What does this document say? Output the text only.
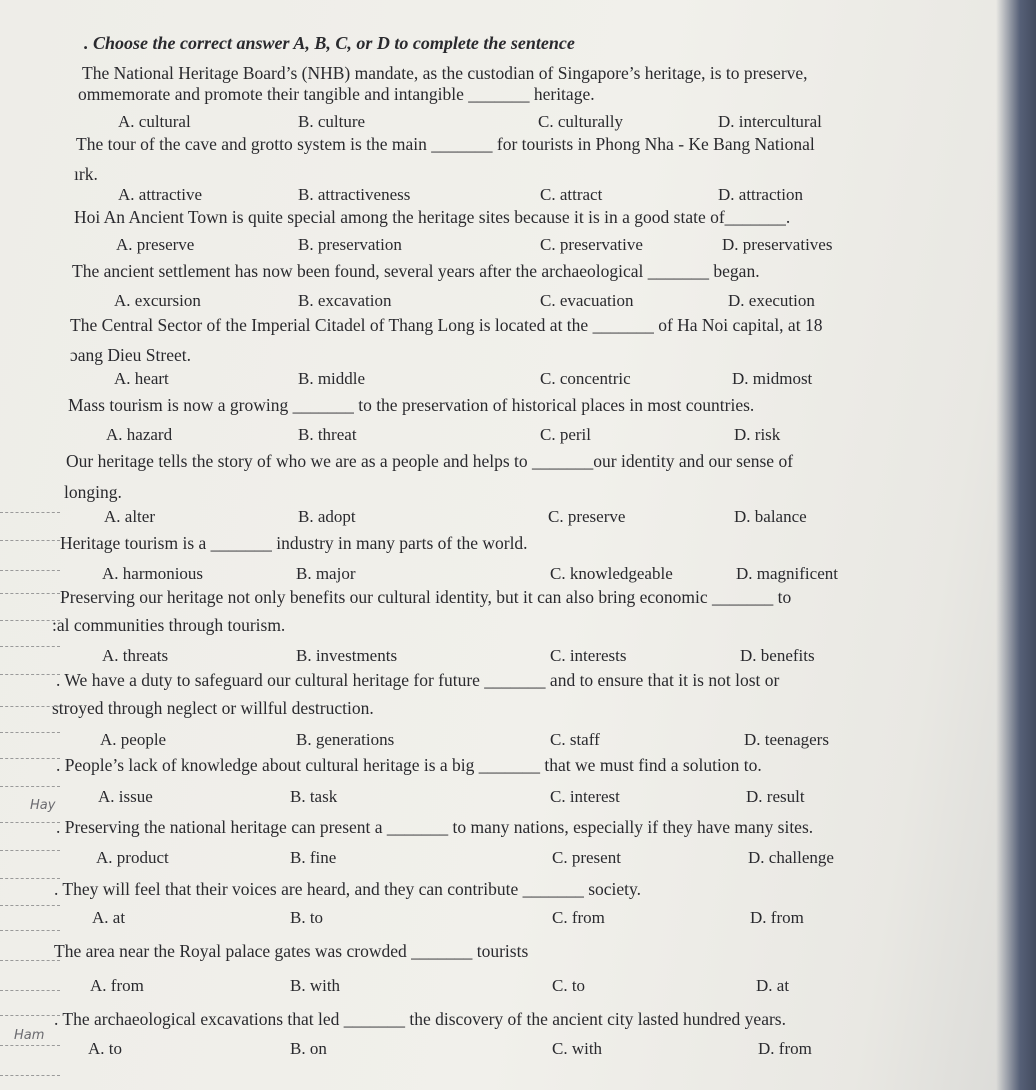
. Choose the correct answer A, B, C, or D to complete the sentence
The National Heritage Board’s (NHB) mandate, as the custodian of Singapore’s heritage, is to preserve,
ommemorate and promote their tangible and intangible _______ heritage.
A. cultural	B. culture	C. culturally	D. intercultural
The tour of the cave and grotto system is the main _______ for tourists in Phong Nha - Ke Bang National
ırk.
A. attractive	B. attractiveness	C. attract	D. attraction
Hoi An Ancient Town is quite special among the heritage sites because it is in a good state of_______.
A. preserve	B. preservation	C. preservative	D. preservatives
The ancient settlement has now been found, several years after the archaeological _______ began.
A. excursion	B. excavation	C. evacuation	D. execution
The Central Sector of the Imperial Citadel of Thang Long is located at the _______ of Ha Noi capital, at 18
ɔang Dieu Street.
A. heart	B. middle	C. concentric	D. midmost
Mass tourism is now a growing _______ to the preservation of historical places in most countries.
A. hazard	B. threat	C. peril	D. risk
Our heritage tells the story of who we are as a people and helps to _______our identity and our sense of
longing.
A. alter	B. adopt	C. preserve	D. balance
Heritage tourism is a _______ industry in many parts of the world.
A. harmonious	B. major	C. knowledgeable	D. magnificent
Preserving our heritage not only benefits our cultural identity, but it can also bring economic _______ to
:al communities through tourism.
A. threats	B. investments	C. interests	D. benefits
. We have a duty to safeguard our cultural heritage for future _______ and to ensure that it is not lost or
stroyed through neglect or willful destruction.
A. people	B. generations	C. staff	D. teenagers
. People’s lack of knowledge about cultural heritage is a big _______ that we must find a solution to.
A. issue	B. task	C. interest	D. result
. Preserving the national heritage can present a _______ to many nations, especially if they have many sites.
A. product	B. fine	C. present	D. challenge
. They will feel that their voices are heard, and they can contribute _______ society.
A. at	B. to	C. from	D. from
The area near the Royal palace gates was crowded _______ tourists
A. from	B. with	C. to	D. at
. The archaeological excavations that led _______ the discovery of the ancient city lasted hundred years.
A. to	B. on	C. with	D. from
Hay
Ham
